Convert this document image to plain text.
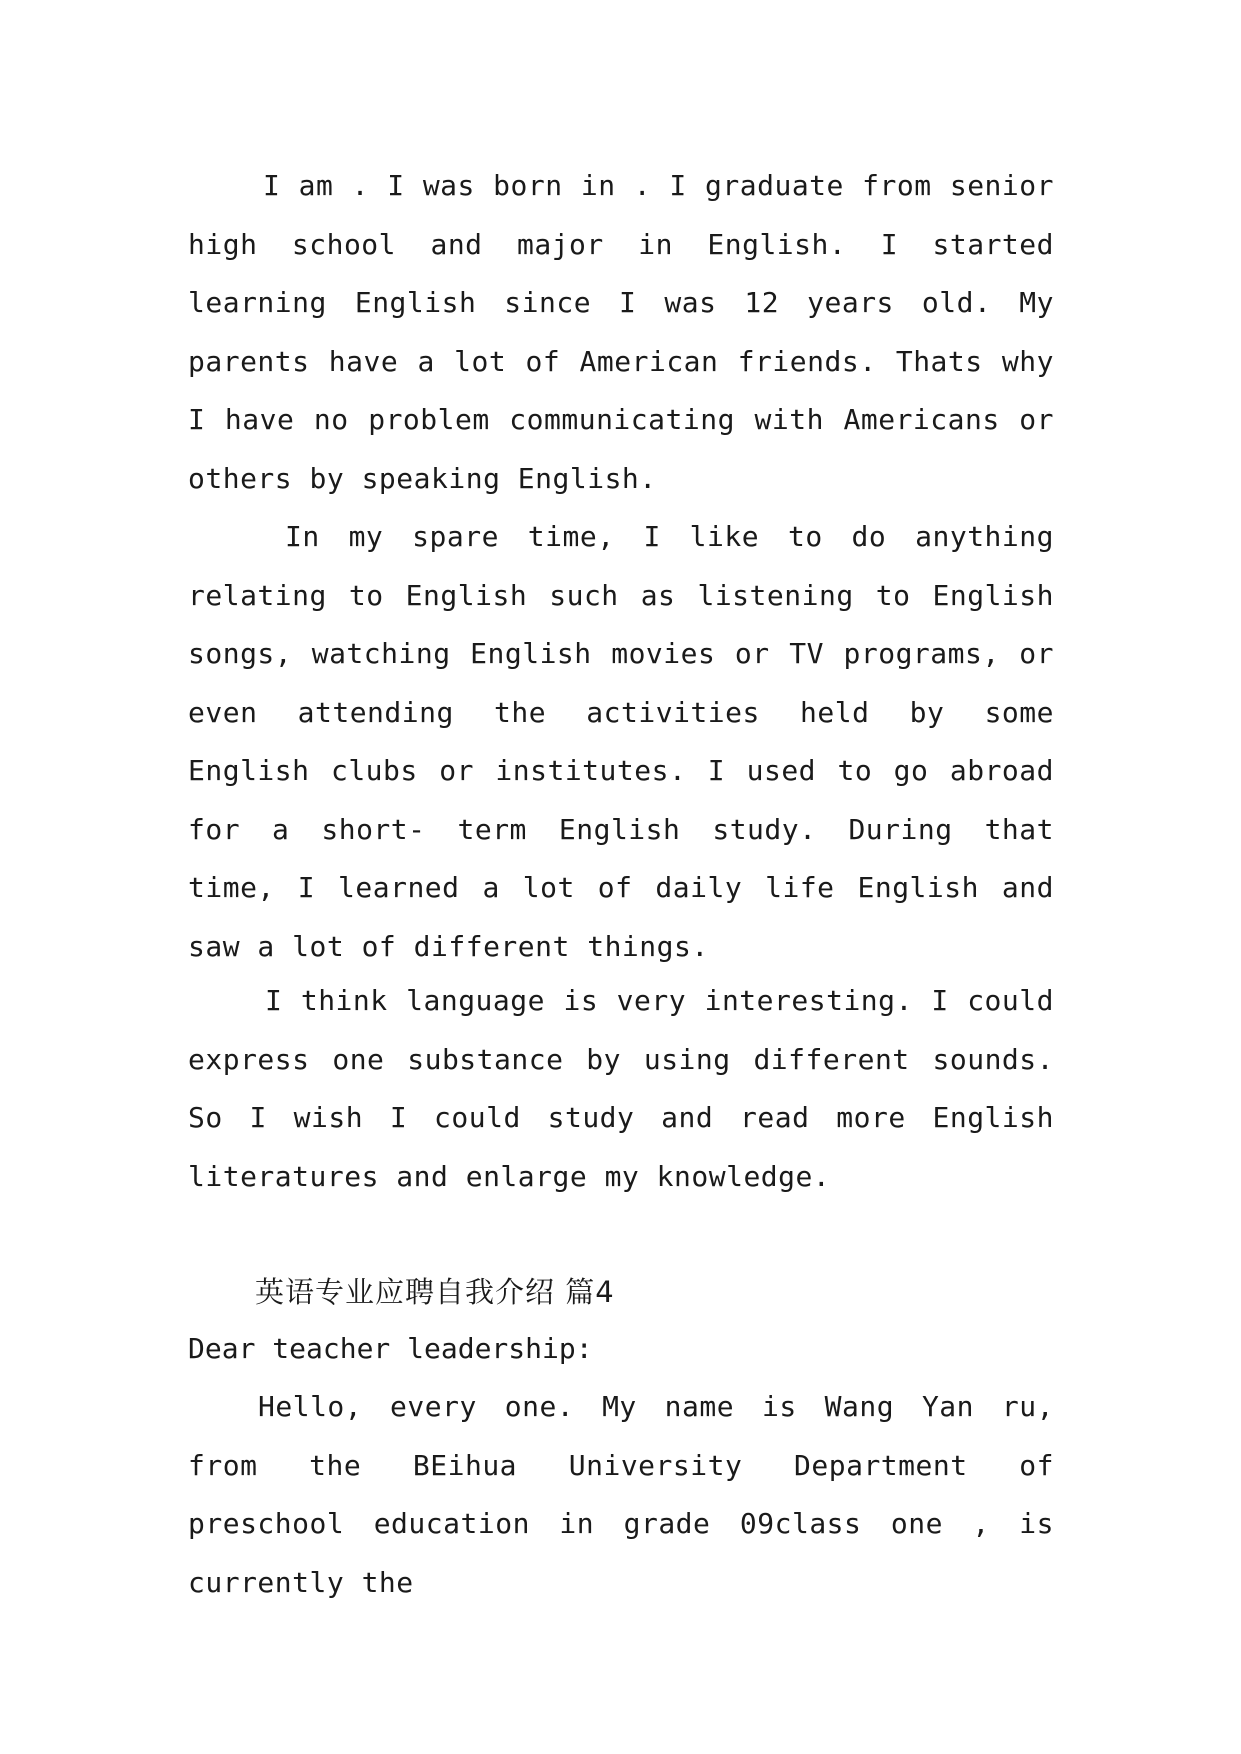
I am . I was born in . I graduate from senior high school and major in English. I started learning English since I was 12 years old. My parents have a lot of American friends. Thats why I have no problem communicating with Americans or others by speaking English.

In my spare time, I like to do anything relating to English such as listening to English songs, watching English movies or TV programs, or even attending the activities held by some English clubs or institutes. I used to go abroad for a short- term English study. During that time, I learned a lot of daily life English and saw a lot of different things.

I think language is very interesting. I could express one substance by using different sounds. So I wish I could study and read more English literatures and enlarge my knowledge.

英语专业应聘自我介绍 篇4
Dear teacher leadership:

Hello, every one. My name is Wang Yan ru, from the BEihua University Department of preschool education in grade 09class one , is currently the
